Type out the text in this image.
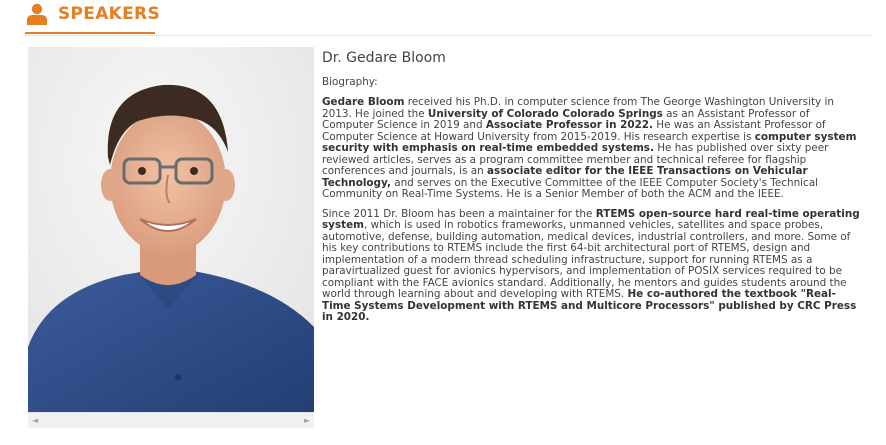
SPEAKERS
◄	►
Dr. Gedare Bloom
Biography:

Gedare Bloom received his Ph.D. in computer science from The George Washington University in 2013. He joined the University of Colorado Colorado Springs as an Assistant Professor of Computer Science in 2019 and Associate Professor in 2022. He was an Assistant Professor of Computer Science at Howard University from 2015-2019. His research expertise is computer system security with emphasis on real-time embedded systems. He has published over sixty peer reviewed articles, serves as a program committee member and technical referee for flagship conferences and journals, is an associate editor for the IEEE Transactions on Vehicular Technology, and serves on the Executive Committee of the IEEE Computer Society's Technical Community on Real-Time Systems. He is a Senior Member of both the ACM and the IEEE.

Since 2011 Dr. Bloom has been a maintainer for the RTEMS open-source hard real-time operating system, which is used in robotics frameworks, unmanned vehicles, satellites and space probes, automotive, defense, building automation, medical devices, industrial controllers, and more. Some of his key contributions to RTEMS include the first 64-bit architectural port of RTEMS, design and implementation of a modern thread scheduling infrastructure, support for running RTEMS as a paravirtualized guest for avionics hypervisors, and implementation of POSIX services required to be compliant with the FACE avionics standard. Additionally, he mentors and guides students around the world through learning about and developing with RTEMS. He co-authored the textbook "Real-Time Systems Development with RTEMS and Multicore Processors" published by CRC Press in 2020.
